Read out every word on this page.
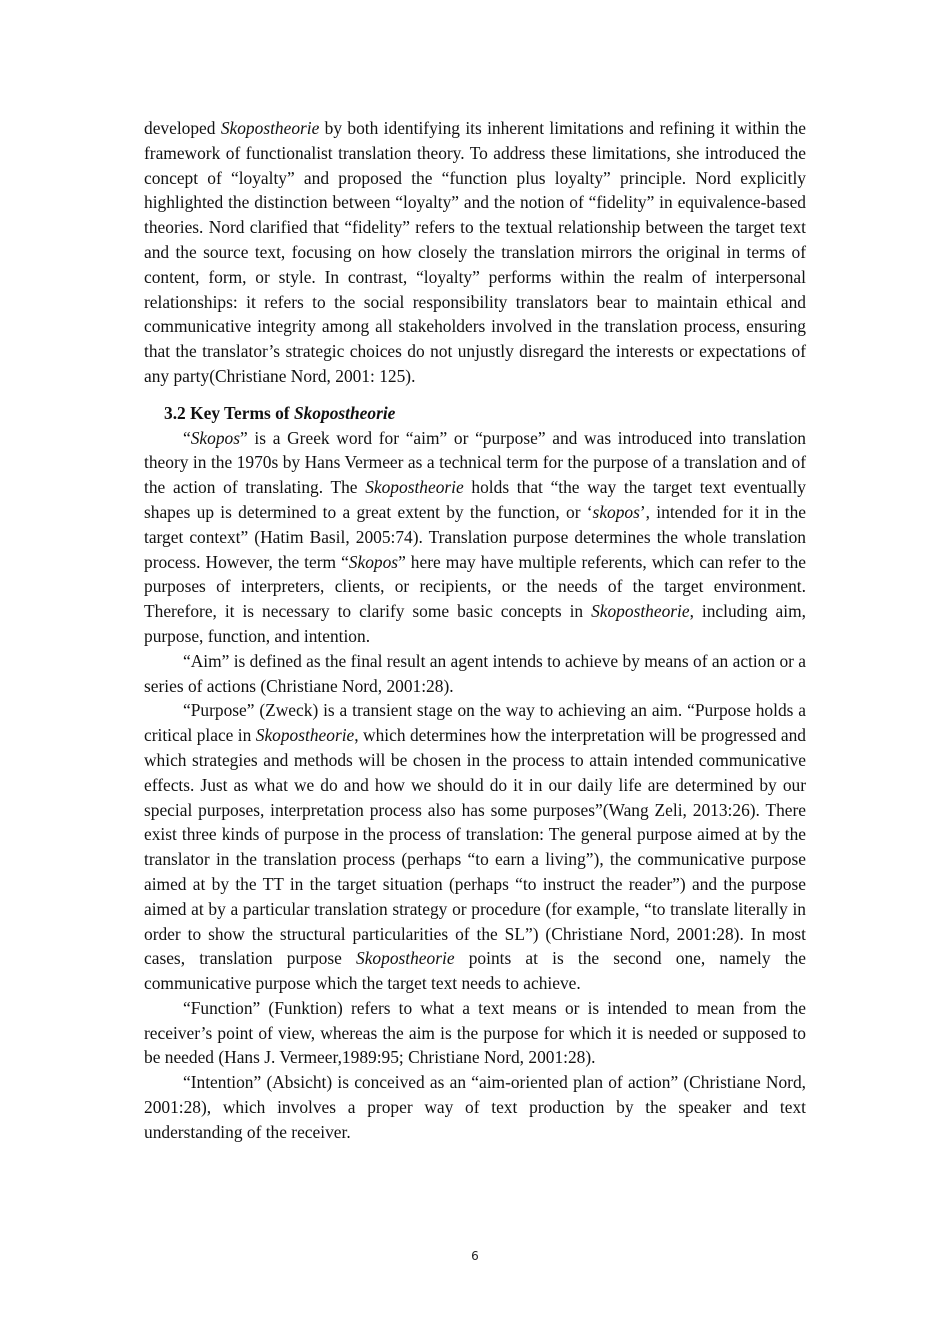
developed Skopostheorie by both identifying its inherent limitations and refining it within the framework of functionalist translation theory. To address these limitations, she introduced the concept of “loyalty” and proposed the “function plus loyalty” principle. Nord explicitly highlighted the distinction between “loyalty” and the notion of “fidelity” in equivalence-based theories. Nord clarified that “fidelity” refers to the textual relationship between the target text and the source text, focusing on how closely the translation mirrors the original in terms of content, form, or style. In contrast, “loyalty” performs within the realm of interpersonal relationships: it refers to the social responsibility translators bear to maintain ethical and communicative integrity among all stakeholders involved in the translation process, ensuring that the translator’s strategic choices do not unjustly disregard the interests or expectations of any party(Christiane Nord, 2001: 125).

3.2 Key Terms of Skopostheorie

“Skopos” is a Greek word for “aim” or “purpose” and was introduced into translation theory in the 1970s by Hans Vermeer as a technical term for the purpose of a translation and of the action of translating. The Skopostheorie holds that “the way the target text eventually shapes up is determined to a great extent by the function, or ‘skopos’, intended for it in the target context” (Hatim Basil, 2005:74). Translation purpose determines the whole translation process. However, the term “Skopos” here may have multiple referents, which can refer to the purposes of interpreters, clients, or recipients, or the needs of the target environment. Therefore, it is necessary to clarify some basic concepts in Skopostheorie, including aim, purpose, function, and intention.

“Aim” is defined as the final result an agent intends to achieve by means of an action or a series of actions (Christiane Nord, 2001:28).

“Purpose” (Zweck) is a transient stage on the way to achieving an aim. “Purpose holds a critical place in Skopostheorie, which determines how the interpretation will be progressed and which strategies and methods will be chosen in the process to attain intended communicative effects. Just as what we do and how we should do it in our daily life are determined by our special purposes, interpretation process also has some purposes”(Wang Zeli, 2013:26). There exist three kinds of purpose in the process of translation: The general purpose aimed at by the translator in the translation process (perhaps “to earn a living”), the communicative purpose aimed at by the TT in the target situation (perhaps “to instruct the reader”) and the purpose aimed at by a particular translation strategy or procedure (for example, “to translate literally in order to show the structural particularities of the SL”) (Christiane Nord, 2001:28). In most cases, translation purpose Skopostheorie points at is the second one, namely the communicative purpose which the target text needs to achieve.

“Function” (Funktion) refers to what a text means or is intended to mean from the receiver’s point of view, whereas the aim is the purpose for which it is needed or supposed to be needed (Hans J. Vermeer,1989:95; Christiane Nord, 2001:28).

“Intention” (Absicht) is conceived as an “aim-oriented plan of action” (Christiane Nord, 2001:28), which involves a proper way of text production by the speaker and text understanding of the receiver.

6
